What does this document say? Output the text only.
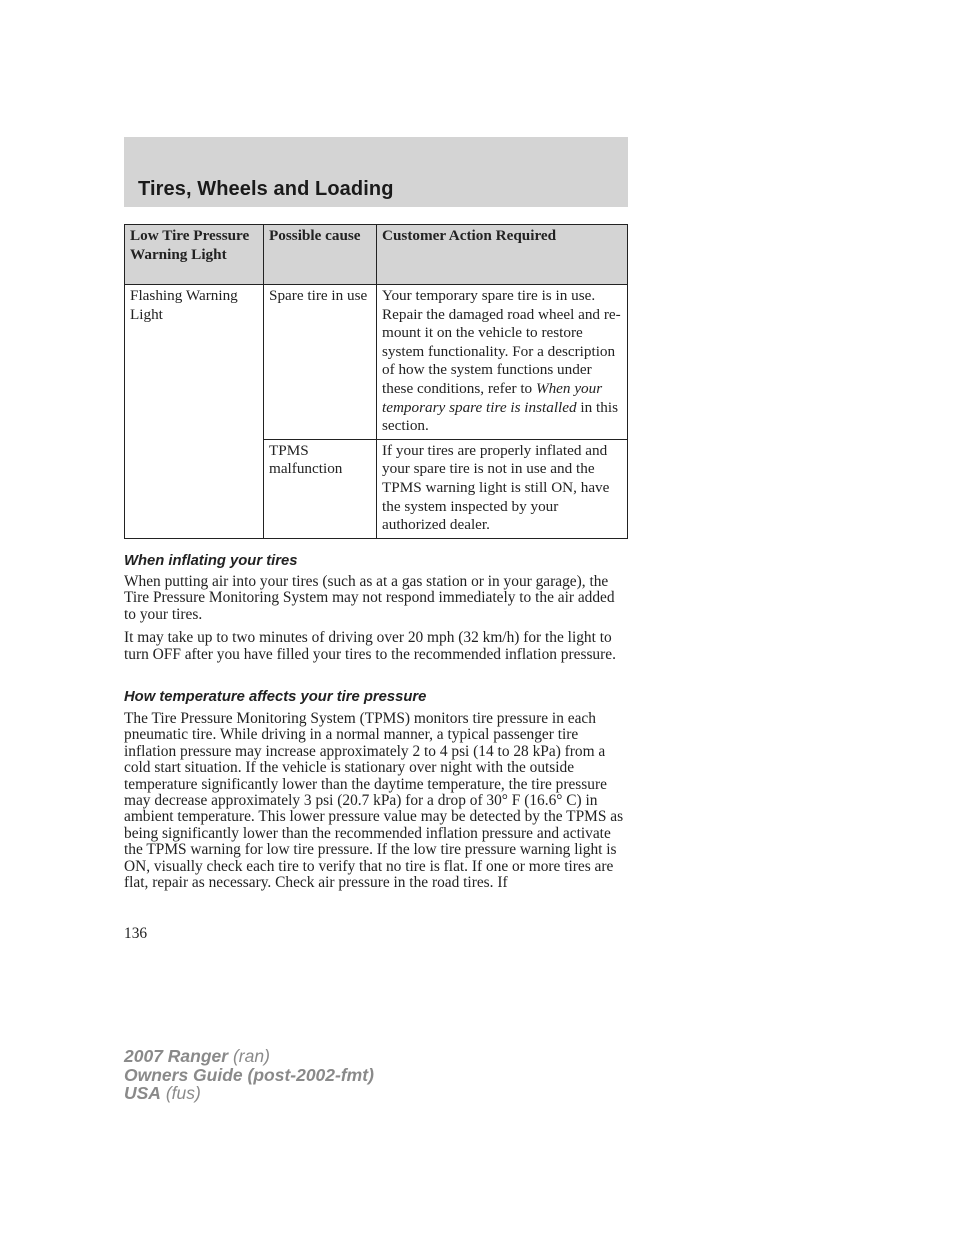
Tires, Wheels and Loading
Low Tire Pressure Warning Light	Possible cause	Customer Action Required
Flashing Warning Light	Spare tire in use	Your temporary spare tire is in use. Repair the damaged road wheel and re-mount it on the vehicle to restore system functionality. For a description of how the system functions under these conditions, refer to When your temporary spare tire is installed in this section.
	TPMS malfunction	If your tires are properly inflated and your spare tire is not in use and the TPMS warning light is still ON, have the system inspected by your authorized dealer.
When inflating your tires

When putting air into your tires (such as at a gas station or in your garage), the Tire Pressure Monitoring System may not respond immediately to the air added to your tires.

It may take up to two minutes of driving over 20 mph (32 km/h) for the light to turn OFF after you have filled your tires to the recommended inflation pressure.

How temperature affects your tire pressure

The Tire Pressure Monitoring System (TPMS) monitors tire pressure in each pneumatic tire. While driving in a normal manner, a typical passenger tire inflation pressure may increase approximately 2 to 4 psi (14 to 28 kPa) from a cold start situation. If the vehicle is stationary over night with the outside temperature significantly lower than the daytime temperature, the tire pressure may decrease approximately 3 psi (20.7 kPa) for a drop of 30° F (16.6° C) in ambient temperature. This lower pressure value may be detected by the TPMS as being significantly lower than the recommended inflation pressure and activate the TPMS warning for low tire pressure. If the low tire pressure warning light is ON, visually check each tire to verify that no tire is flat. If one or more tires are flat, repair as necessary. Check air pressure in the road tires. If

136

2007 Ranger (ran)
Owners Guide (post-2002-fmt)
USA (fus)
